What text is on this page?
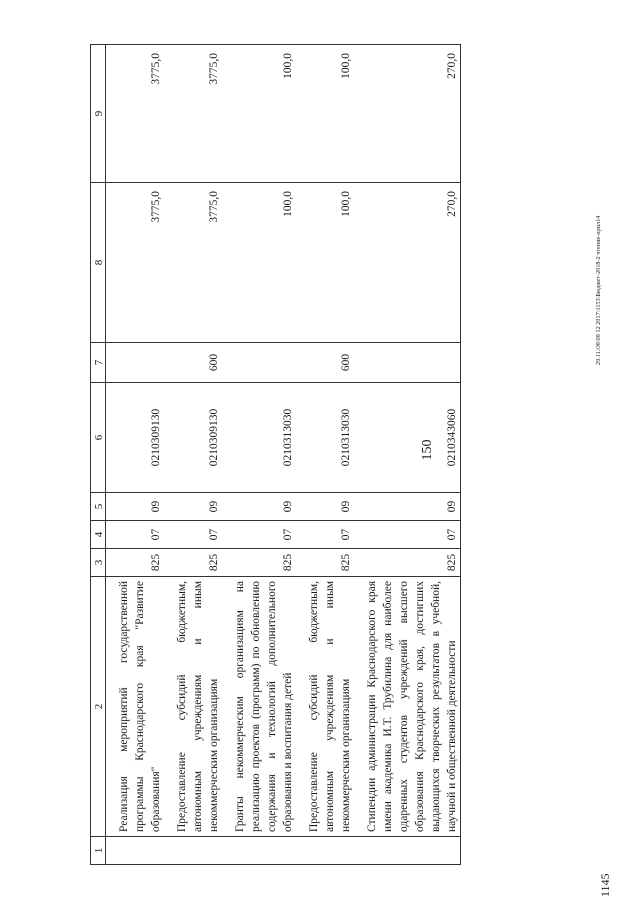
150
1	2	3	4	5	6	7	8	9
	Реализация мероприятий государственной программы Краснодарского края "Развитие образования"	825	07	09	0210309130		3775,0	3775,0
	Предоставление субсидий бюджетным, автономным учреждениям и иным некоммерческим организациям	825	07	09	0210309130	600	3775,0	3775,0
	Гранты некоммерческим организациям на реализацию проектов (программ) по обновлению содержания и технологий дополнительного образования и воспитания детей	825	07	09	0210313030		100,0	100,0
	Предоставление субсидий бюджетным, автономным учреждениям и иным некоммерческим организациям	825	07	09	0210313030	600	100,0	100,0
	Стипендии администрации Краснодарского края имени академика И.Т. Трубилина для наиболее одаренных студентов учреждений высшего образования Краснодарского края, достигших выдающихся творческих результатов в учебной, научной и общественной деятельности	825	07	09	0210343060		270,0	270,0
29.11.О8\08 12 2017\1153\Бюджет-2018-2 чтение-прил14
1145
